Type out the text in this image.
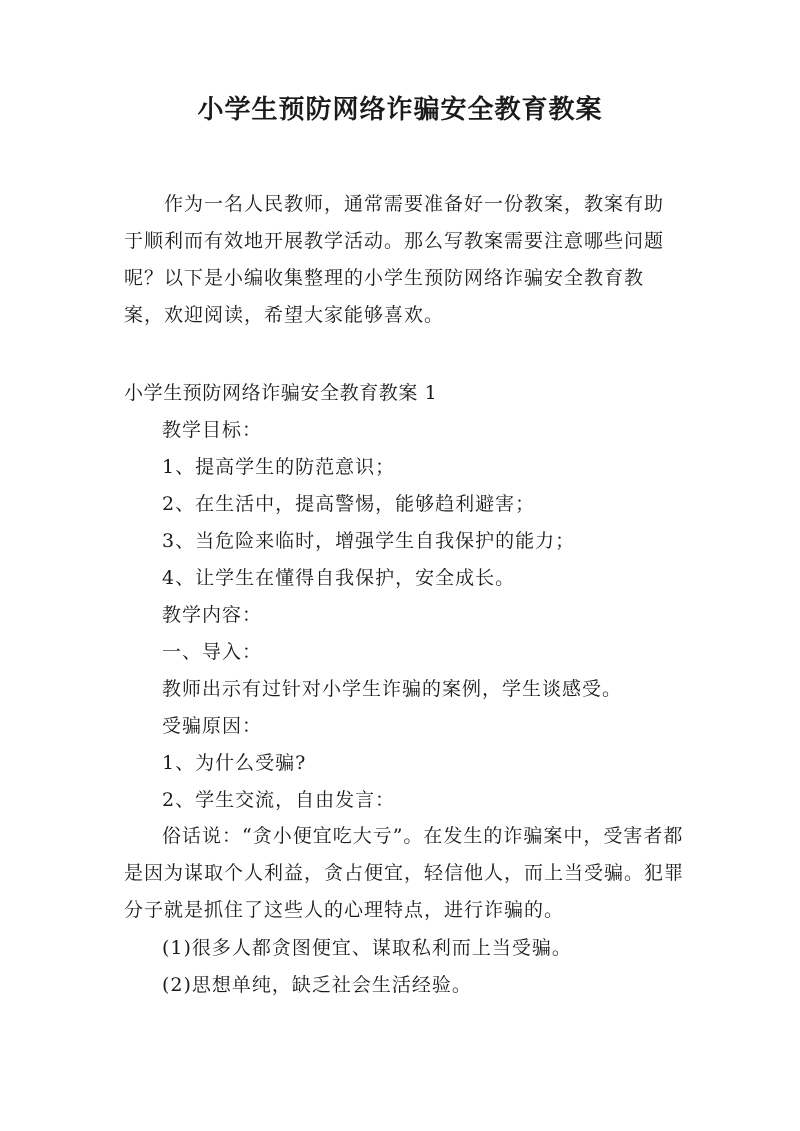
小学生预防网络诈骗安全教育教案

作为一名人民教师，通常需要准备好一份教案，教案有助于顺利而有效地开展教学活动。那么写教案需要注意哪些问题呢？以下是小编收集整理的小学生预防网络诈骗安全教育教案，欢迎阅读，希望大家能够喜欢。

小学生预防网络诈骗安全教育教案 1
教学目标：
1、提高学生的防范意识；
2、在生活中，提高警惕，能够趋利避害；
3、当危险来临时，增强学生自我保护的能力；
4、让学生在懂得自我保护，安全成长。
教学内容：
一、导入：
教师出示有过针对小学生诈骗的案例，学生谈感受。
受骗原因：
1、为什么受骗?
2、学生交流，自由发言：

俗话说：“贪小便宜吃大亏”。在发生的诈骗案中，受害者都是因为谋取个人利益，贪占便宜，轻信他人，而上当受骗。犯罪分子就是抓住了这些人的心理特点，进行诈骗的。

(1)很多人都贪图便宜、谋取私利而上当受骗。
(2)思想单纯，缺乏社会生活经验。
